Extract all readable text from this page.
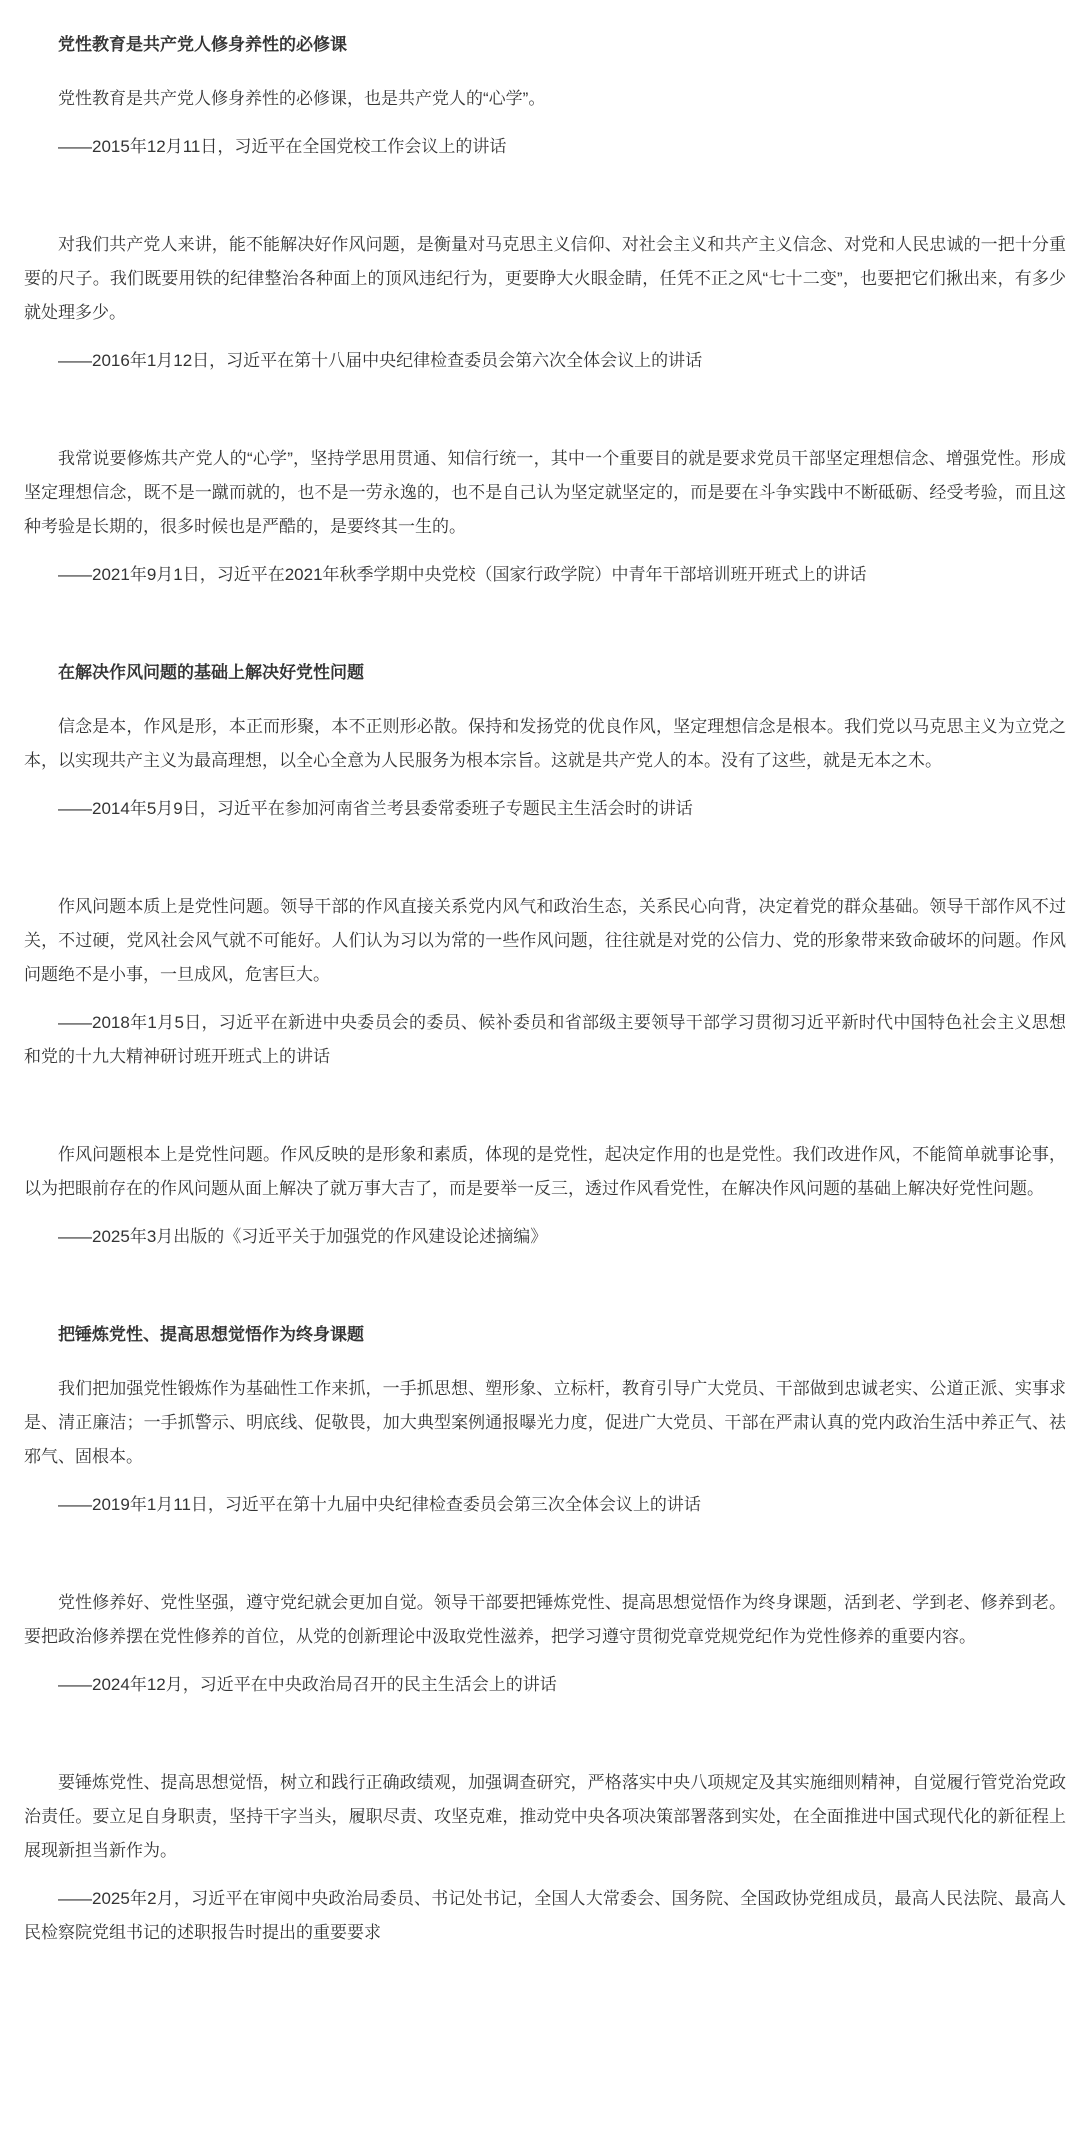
党性教育是共产党人修身养性的必修课

党性教育是共产党人修身养性的必修课，也是共产党人的“心学”。

——2015年12月11日，习近平在全国党校工作会议上的讲话

对我们共产党人来讲，能不能解决好作风问题，是衡量对马克思主义信仰、对社会主义和共产主义信念、对党和人民忠诚的一把十分重要的尺子。我们既要用铁的纪律整治各种面上的顶风违纪行为，更要睁大火眼金睛，任凭不正之风“七十二变”，也要把它们揪出来，有多少就处理多少。

——2016年1月12日，习近平在第十八届中央纪律检查委员会第六次全体会议上的讲话

我常说要修炼共产党人的“心学”，坚持学思用贯通、知信行统一，其中一个重要目的就是要求党员干部坚定理想信念、增强党性。形成坚定理想信念，既不是一蹴而就的，也不是一劳永逸的，也不是自己认为坚定就坚定的，而是要在斗争实践中不断砥砺、经受考验，而且这种考验是长期的，很多时候也是严酷的，是要终其一生的。

——2021年9月1日，习近平在2021年秋季学期中央党校（国家行政学院）中青年干部培训班开班式上的讲话

在解决作风问题的基础上解决好党性问题

信念是本，作风是形，本正而形聚，本不正则形必散。保持和发扬党的优良作风，坚定理想信念是根本。我们党以马克思主义为立党之本，以实现共产主义为最高理想，以全心全意为人民服务为根本宗旨。这就是共产党人的本。没有了这些，就是无本之木。

——2014年5月9日，习近平在参加河南省兰考县委常委班子专题民主生活会时的讲话

作风问题本质上是党性问题。领导干部的作风直接关系党内风气和政治生态，关系民心向背，决定着党的群众基础。领导干部作风不过关，不过硬，党风社会风气就不可能好。人们认为习以为常的一些作风问题，往往就是对党的公信力、党的形象带来致命破坏的问题。作风问题绝不是小事，一旦成风，危害巨大。

——2018年1月5日，习近平在新进中央委员会的委员、候补委员和省部级主要领导干部学习贯彻习近平新时代中国特色社会主义思想和党的十九大精神研讨班开班式上的讲话

作风问题根本上是党性问题。作风反映的是形象和素质，体现的是党性，起决定作用的也是党性。我们改进作风，不能简单就事论事，以为把眼前存在的作风问题从面上解决了就万事大吉了，而是要举一反三，透过作风看党性，在解决作风问题的基础上解决好党性问题。

——2025年3月出版的《习近平关于加强党的作风建设论述摘编》

把锤炼党性、提高思想觉悟作为终身课题

我们把加强党性锻炼作为基础性工作来抓，一手抓思想、塑形象、立标杆，教育引导广大党员、干部做到忠诚老实、公道正派、实事求是、清正廉洁；一手抓警示、明底线、促敬畏，加大典型案例通报曝光力度，促进广大党员、干部在严肃认真的党内政治生活中养正气、祛邪气、固根本。

——2019年1月11日，习近平在第十九届中央纪律检查委员会第三次全体会议上的讲话

党性修养好、党性坚强，遵守党纪就会更加自觉。领导干部要把锤炼党性、提高思想觉悟作为终身课题，活到老、学到老、修养到老。要把政治修养摆在党性修养的首位，从党的创新理论中汲取党性滋养，把学习遵守贯彻党章党规党纪作为党性修养的重要内容。

——2024年12月，习近平在中央政治局召开的民主生活会上的讲话

要锤炼党性、提高思想觉悟，树立和践行正确政绩观，加强调查研究，严格落实中央八项规定及其实施细则精神，自觉履行管党治党政治责任。要立足自身职责，坚持干字当头，履职尽责、攻坚克难，推动党中央各项决策部署落到实处，在全面推进中国式现代化的新征程上展现新担当新作为。

——2025年2月，习近平在审阅中央政治局委员、书记处书记，全国人大常委会、国务院、全国政协党组成员，最高人民法院、最高人民检察院党组书记的述职报告时提出的重要要求
